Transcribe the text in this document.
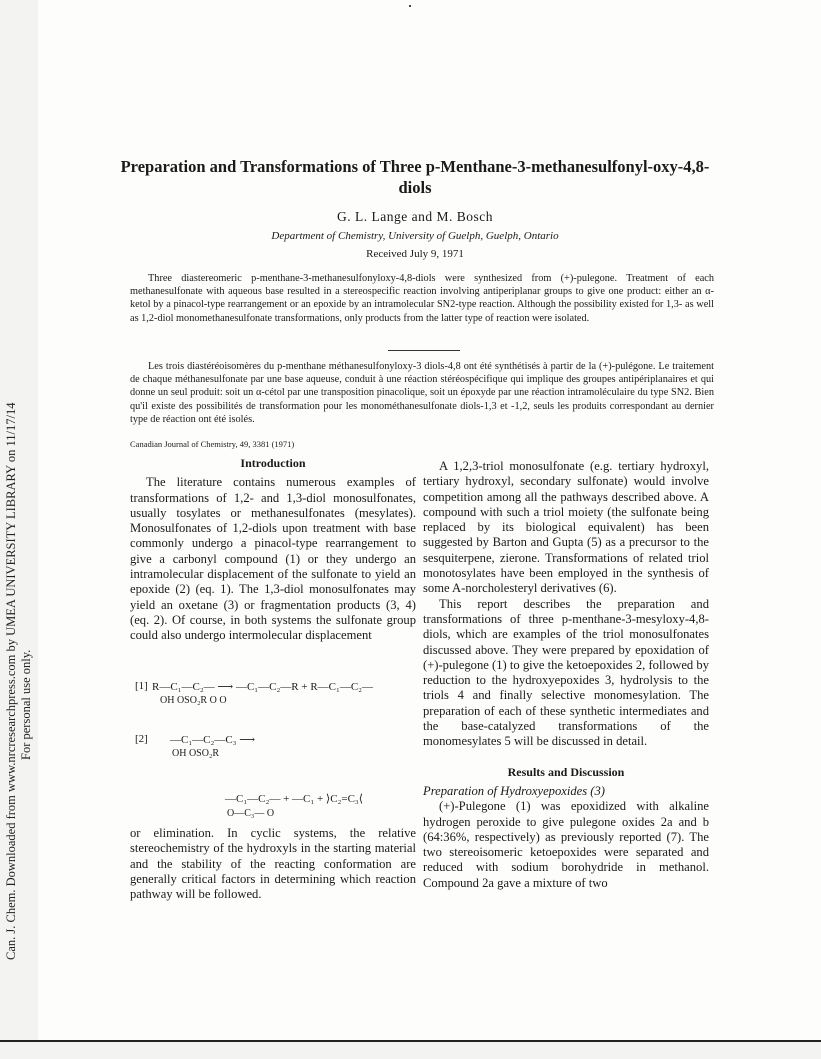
Can. J. Chem. Downloaded from www.nrcresearchpress.com by UMEA UNIVERSITY LIBRARY on 11/17/14 For personal use only.
Preparation and Transformations of Three p-Menthane-3-methanesulfonyl-oxy-4,8-diols
G. L. Lange and M. Bosch
Department of Chemistry, University of Guelph, Guelph, Ontario
Received July 9, 1971

Three diastereomeric p-menthane-3-methanesulfonyloxy-4,8-diols were synthesized from (+)-pulegone. Treatment of each methanesulfonate with aqueous base resulted in a stereospecific reaction involving antiperiplanar groups to give one product: either an α-ketol by a pinacol-type rearrangement or an epoxide by an intramolecular SN2-type reaction. Although the possibility existed for 1,3- as well as 1,2-diol monomethanesulfonate transformations, only products from the latter type of reaction were isolated.

Les trois diastéréoisomères du p-menthane méthanesulfonyloxy-3 diols-4,8 ont été synthétisés à partir de la (+)-pulégone. Le traitement de chaque méthanesulfonate par une base aqueuse, conduit à une réaction stéréospécifique qui implique des groupes antipériplanaires et qui donne un seul produit: soit un α-cétol par une transposition pinacolique, soit un époxyde par une réaction intramoléculaire du type SN2. Bien qu'il existe des possibilités de transformation pour les monométhanesulfonate diols-1,3 et -1,2, seuls les produits correspondant au dernier type de réaction ont été isolés.

Canadian Journal of Chemistry, 49, 3381 (1971)
Introduction

The literature contains numerous examples of transformations of 1,2- and 1,3-diol monosulfonates, usually tosylates or methanesulfonates (mesylates). Monosulfonates of 1,2-diols upon treatment with base commonly undergo a pinacol-type rearrangement to give a carbonyl compound (1) or they undergo an intramolecular displacement of the sulfonate to yield an epoxide (2) (eq. 1). The 1,3-diol monosulfonates may yield an oxetane (3) or fragmentation products (3, 4) (eq. 2). Of course, in both systems the sulfonate group could also undergo intermolecular displacement

[1] R—C₁—C₂— ⟶ —C₁—C₂—R + R—C₁—C₂—
OH OSO₂R O O
[2] —C₁—C₂—C₃ ⟶
OH OSO₂R
—C₁—C₂— + —C₁ + ⟩C₂=C₃⟨
O—C₃— O

or elimination. In cyclic systems, the relative stereochemistry of the hydroxyls in the starting material and the stability of the reacting conformation are generally critical factors in determining which reaction pathway will be followed.

A 1,2,3-triol monosulfonate (e.g. tertiary hydroxyl, tertiary hydroxyl, secondary sulfonate) would involve competition among all the pathways described above. A compound with such a triol moiety (the sulfonate being replaced by its biological equivalent) has been suggested by Barton and Gupta (5) as a precursor to the sesquiterpene, zierone. Transformations of related triol monotosylates have been employed in the synthesis of some A-norcholesteryl derivatives (6).

This report describes the preparation and transformations of three p-menthane-3-mesyloxy-4,8-diols, which are examples of the triol monosulfonates discussed above. They were prepared by epoxidation of (+)-pulegone (1) to give the ketoepoxides 2, followed by reduction to the hydroxyepoxides 3, hydrolysis to the triols 4 and finally selective monomesylation. The preparation of each of these synthetic intermediates and the base-catalyzed transformations of the monomesylates 5 will be discussed in detail.

Results and Discussion
Preparation of Hydroxyepoxides (3)

(+)-Pulegone (1) was epoxidized with alkaline hydrogen peroxide to give pulegone oxides 2a and b (64:36%, respectively) as previously reported (7). The two stereoisomeric ketoepoxides were separated and reduced with sodium borohydride in methanol. Compound 2a gave a mixture of two
